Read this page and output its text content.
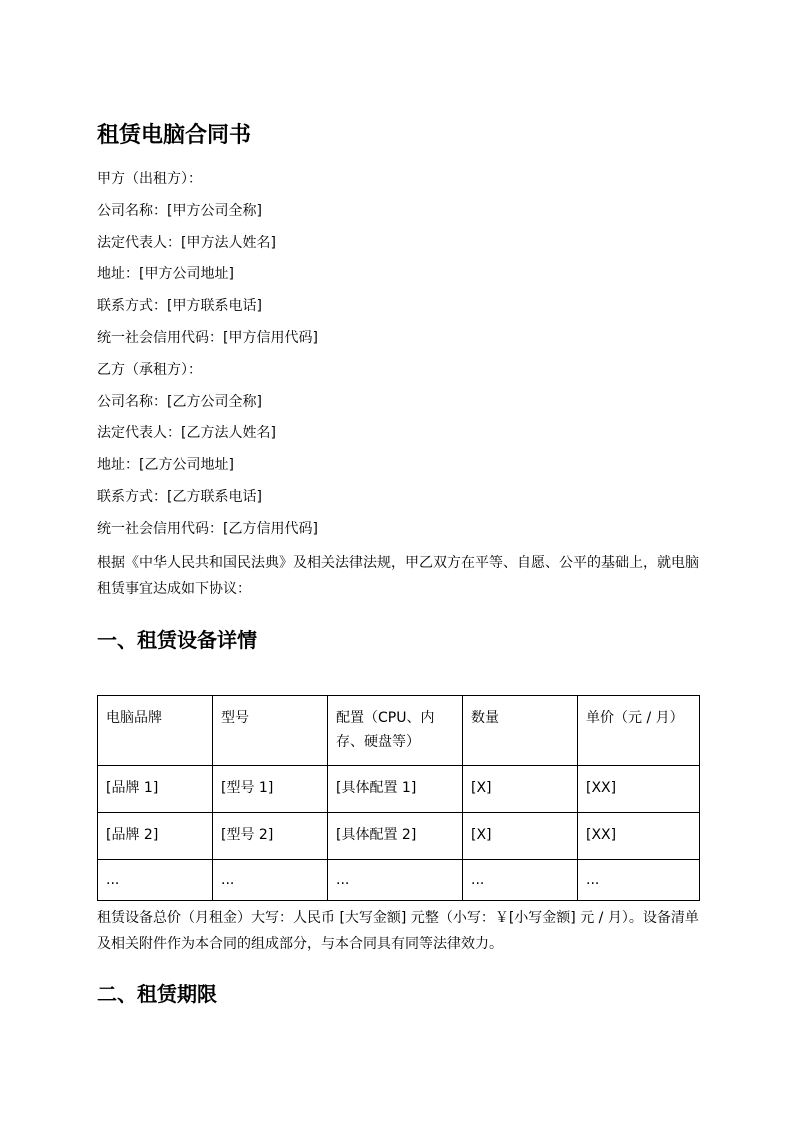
租赁电脑合同书
甲方（出租方）：
公司名称：[甲方公司全称]
法定代表人：[甲方法人姓名]
地址：[甲方公司地址]
联系方式：[甲方联系电话]
统一社会信用代码：[甲方信用代码]
乙方（承租方）：
公司名称：[乙方公司全称]
法定代表人：[乙方法人姓名]
地址：[乙方公司地址]
联系方式：[乙方联系电话]
统一社会信用代码：[乙方信用代码]
根据《中华人民共和国民法典》及相关法律法规，甲乙双方在平等、自愿、公平的基础上，就电脑租赁事宜达成如下协议：
一、租赁设备详情
电脑品牌	型号	配置（CPU、内存、硬盘等）	数量	单价（元 / 月）
[品牌 1]	[型号 1]	[具体配置 1]	[X]	[XX]
[品牌 2]	[型号 2]	[具体配置 2]	[X]	[XX]
...	...	...	...	...
租赁设备总价（月租金）大写：人民币 [大写金额] 元整（小写：￥[小写金额] 元 / 月）。设备清单及相关附件作为本合同的组成部分，与本合同具有同等法律效力。
二、租赁期限
